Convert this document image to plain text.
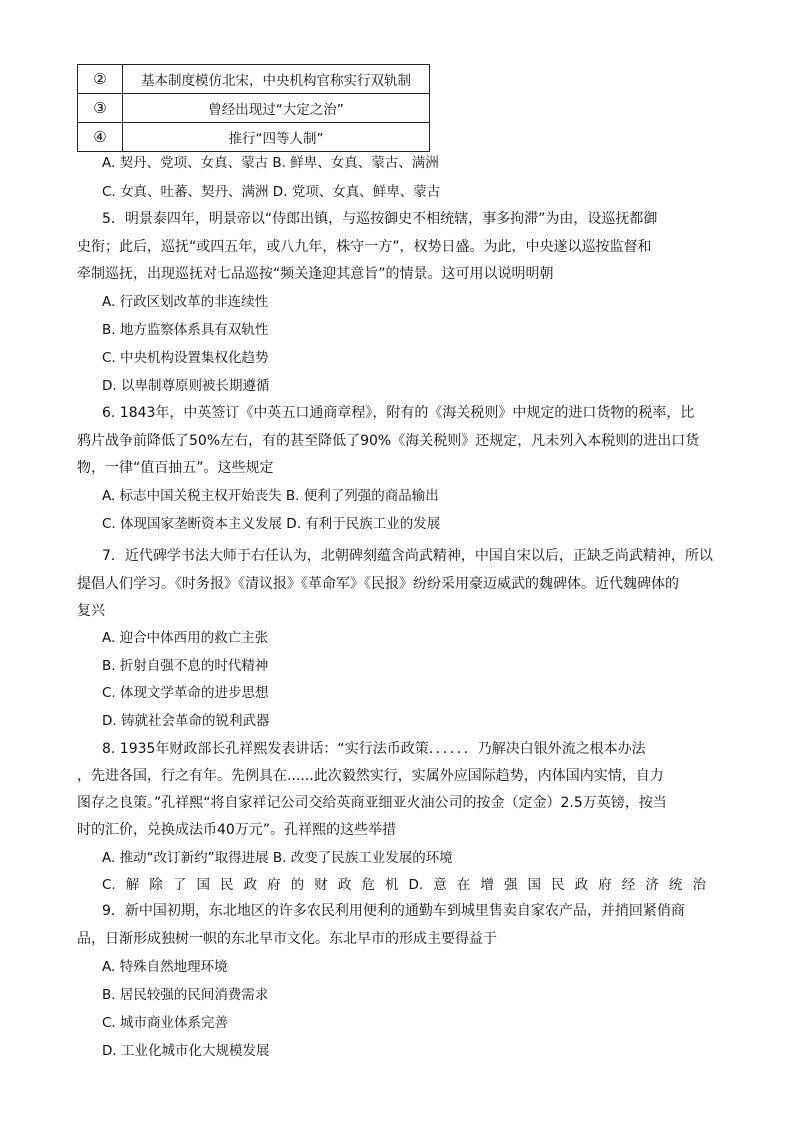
②	基本制度模仿北宋，中央机构官称实行双轨制
③	曾经出现过“大定之治”
④	推行“四等人制”
A. 契丹、党项、女真、蒙古 B. 鲜卑、女真、蒙古、满洲
C. 女真、吐蕃、契丹、满洲 D. 党项、女真、鲜卑、蒙古
5．明景泰四年，明景帝以“侍郎出镇，与巡按御史不相统辖，事多拘滞”为由，设巡抚都御
史衔；此后，巡抚“或四五年，或八九年，株守一方”，权势日盛。为此，中央遂以巡按监督和
牵制巡抚，出现巡抚对七品巡按“频关逢迎其意旨”的情景。这可用以说明明朝
A. 行政区划改革的非连续性
B. 地方监察体系具有双轨性
C. 中央机构设置集权化趋势
D. 以卑制尊原则被长期遵循
6. 1843年，中英签订《中英五口通商章程》，附有的《海关税则》中规定的进口货物的税率，比
鸦片战争前降低了50%左右，有的甚至降低了90%《海关税则》还规定，凡未列入本税则的进出口货
物，一律“值百抽五”。这些规定
A. 标志中国关税主权开始丧失 B. 便利了列强的商品输出
C. 体现国家垄断资本主义发展 D. 有利于民族工业的发展
7．近代碑学书法大师于右任认为，北朝碑刻蕴含尚武精神，中国自宋以后，正缺乏尚武精神，所以
提倡人们学习。《时务报》《清议报》《革命军》《民报》纷纷采用豪迈威武的魏碑体。近代魏碑体的
复兴
A. 迎合中体西用的救亡主张
B. 折射自强不息的时代精神
C. 体现文学革命的进步思想
D. 铸就社会革命的锐利武器
8. 1935年财政部长孔祥熙发表讲话：“实行法币政策．．．．．．乃解决白银外流之根本办法
，先进各国，行之有年。先例具在......此次毅然实行，实属外应国际趋势，内体国内实情，自力
图存之良策。”孔祥熙“将自家祥记公司交给英商亚细亚火油公司的按金（定金）2.5万英镑，按当
时的汇价，兑换成法币40万元”。孔祥熙的这些举措
A. 推动“改订新约”取得进展 B. 改变了民族工业发展的环境
C. 解 除 了 国 民 政 府 的 财 政 危 机 D. 意 在 增 强 国 民 政 府 经 济 统 治
9．新中国初期，东北地区的许多农民利用便利的通勤车到城里售卖自家农产品，并捎回紧俏商
品，日渐形成独树一帜的东北早市文化。东北早市的形成主要得益于
A. 特殊自然地理环境
B. 居民较强的民间消费需求
C. 城市商业体系完善
D. 工业化城市化大规模发展
